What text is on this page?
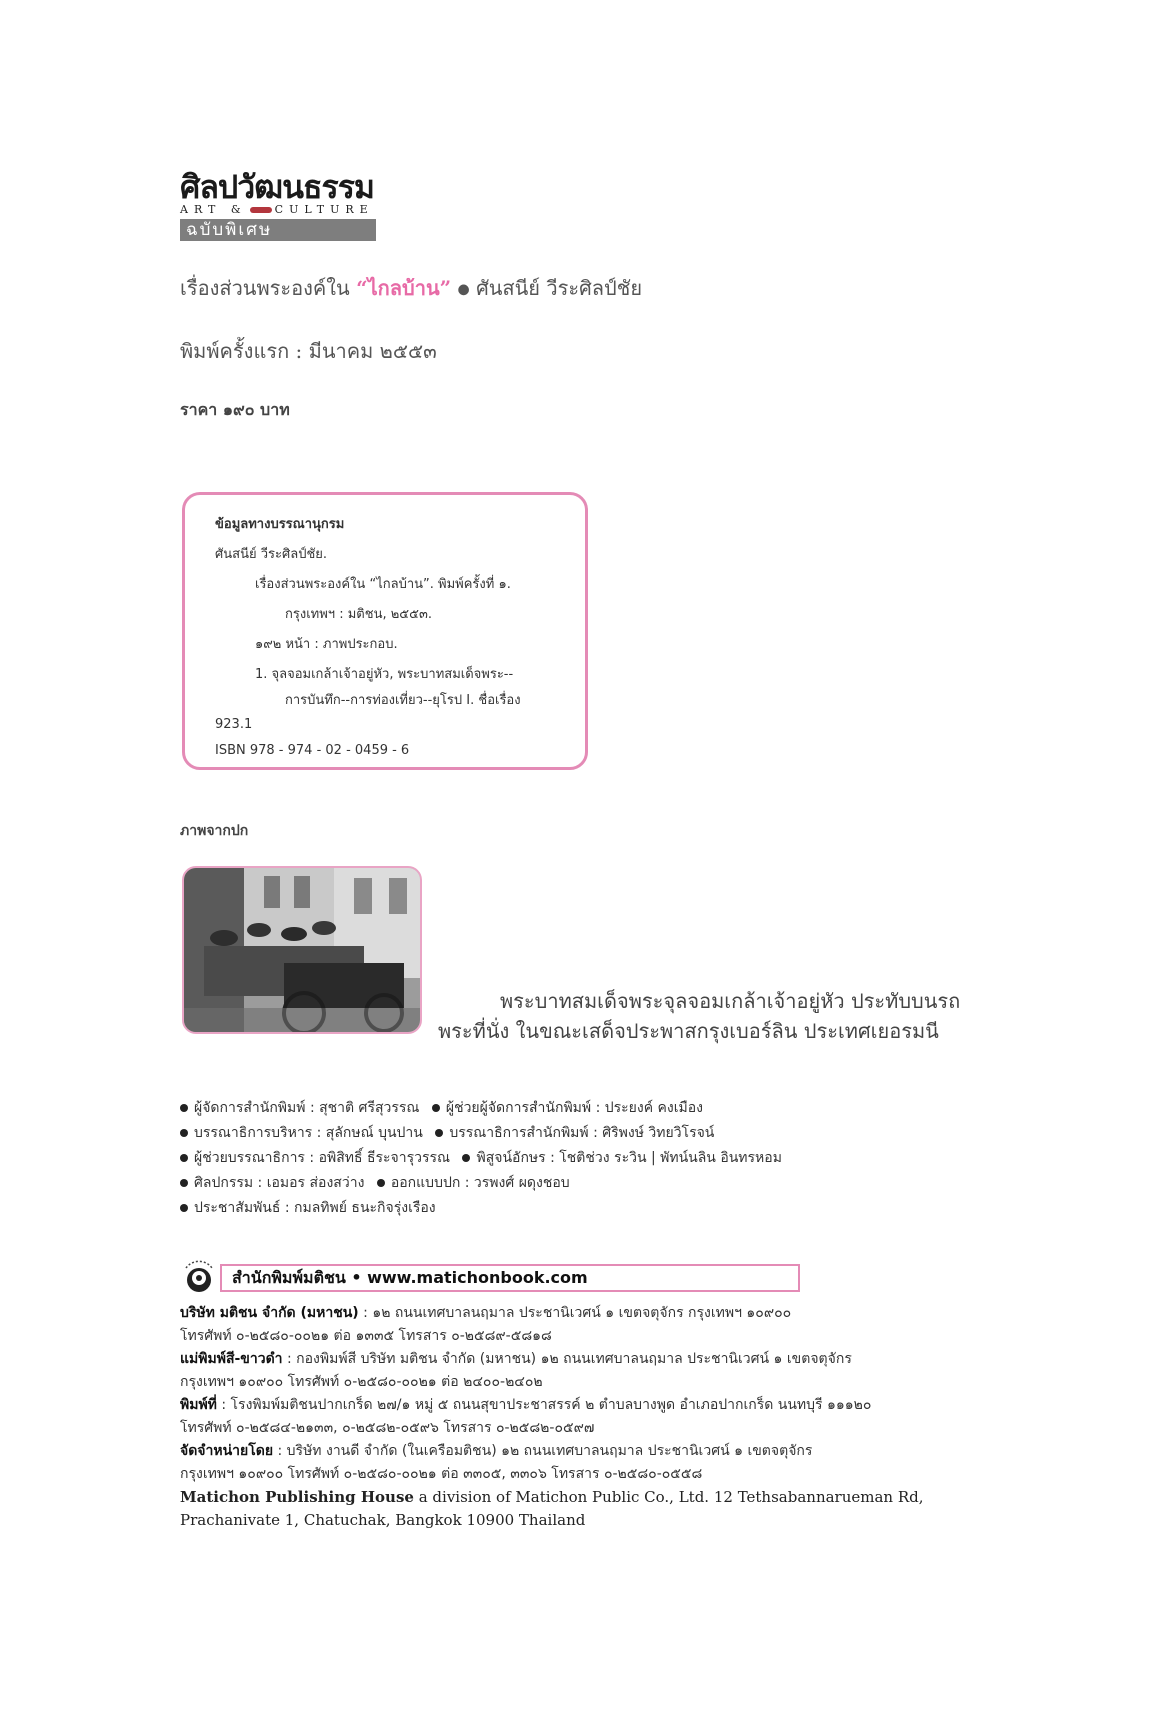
ศิลปวัฒนธรรม
ART &	CULTURE
ฉบับพิเศษ
เรื่องส่วนพระองค์ใน “ไกลบ้าน” ● ศันสนีย์ วีระศิลป์ชัย
พิมพ์ครั้งแรก : มีนาคม ๒๕๕๓
ราคา ๑๙๐ บาท
ข้อมูลทางบรรณานุกรม
ศันสนีย์ วีระศิลป์ชัย.
เรื่องส่วนพระองค์ใน “ไกลบ้าน”. พิมพ์ครั้งที่ ๑.
กรุงเทพฯ : มติชน, ๒๕๕๓.
๑๙๒ หน้า : ภาพประกอบ.
1. จุลจอมเกล้าเจ้าอยู่หัว, พระบาทสมเด็จพระ--
การบันทึก--การท่องเที่ยว--ยุโรป I. ชื่อเรื่อง
923.1
ISBN 978 - 974 - 02 - 0459 - 6
ภาพจากปก
พระบาทสมเด็จพระจุลจอมเกล้าเจ้าอยู่หัว ประทับบนรถ
พระที่นั่ง ในขณะเสด็จประพาสกรุงเบอร์ลิน ประเทศเยอรมนี
ผู้จัดการสำนักพิมพ์ : สุชาติ ศรีสุวรรณ ผู้ช่วยผู้จัดการสำนักพิมพ์ : ประยงค์ คงเมือง
บรรณาธิการบริหาร : สุลักษณ์ บุนปาน บรรณาธิการสำนักพิมพ์ : ศิริพงษ์ วิทยวิโรจน์
ผู้ช่วยบรรณาธิการ : อพิสิทธิ์ ธีระจารุวรรณ พิสูจน์อักษร : โชติช่วง ระวิน | พัทน์นลิน อินทรหอม
ศิลปกรรม : เอมอร ส่องสว่าง ออกแบบปก : วรพงศ์ ผดุงชอบ
ประชาสัมพันธ์ : กมลทิพย์ ธนะกิจรุ่งเรือง
สำนักพิมพ์มติชน • www.matichonbook.com
บริษัท มติชน จำกัด (มหาชน) : ๑๒ ถนนเทศบาลนฤมาล ประชานิเวศน์ ๑ เขตจตุจักร กรุงเทพฯ ๑๐๙๐๐
โทรศัพท์ ๐-๒๕๘๐-๐๐๒๑ ต่อ ๑๓๓๕ โทรสาร ๐-๒๕๘๙-๕๘๑๘
แม่พิมพ์สี-ขาวดำ : กองพิมพ์สี บริษัท มติชน จำกัด (มหาชน) ๑๒ ถนนเทศบาลนฤมาล ประชานิเวศน์ ๑ เขตจตุจักร
กรุงเทพฯ ๑๐๙๐๐ โทรศัพท์ ๐-๒๕๘๐-๐๐๒๑ ต่อ ๒๔๐๐-๒๔๐๒
พิมพ์ที่ : โรงพิมพ์มติชนปากเกร็ด ๒๗/๑ หมู่ ๕ ถนนสุขาประชาสรรค์ ๒ ตำบลบางพูด อำเภอปากเกร็ด นนทบุรี ๑๑๑๒๐
โทรศัพท์ ๐-๒๕๘๔-๒๑๓๓, ๐-๒๕๘๒-๐๕๙๖ โทรสาร ๐-๒๕๘๒-๐๕๙๗
จัดจำหน่ายโดย : บริษัท งานดี จำกัด (ในเครือมติชน) ๑๒ ถนนเทศบาลนฤมาล ประชานิเวศน์ ๑ เขตจตุจักร
กรุงเทพฯ ๑๐๙๐๐ โทรศัพท์ ๐-๒๕๘๐-๐๐๒๑ ต่อ ๓๓๐๕, ๓๓๐๖ โทรสาร ๐-๒๕๘๐-๐๕๕๘
Matichon Publishing House a division of Matichon Public Co., Ltd. 12 Tethsabannarueman Rd,
Prachanivate 1, Chatuchak, Bangkok 10900 Thailand
